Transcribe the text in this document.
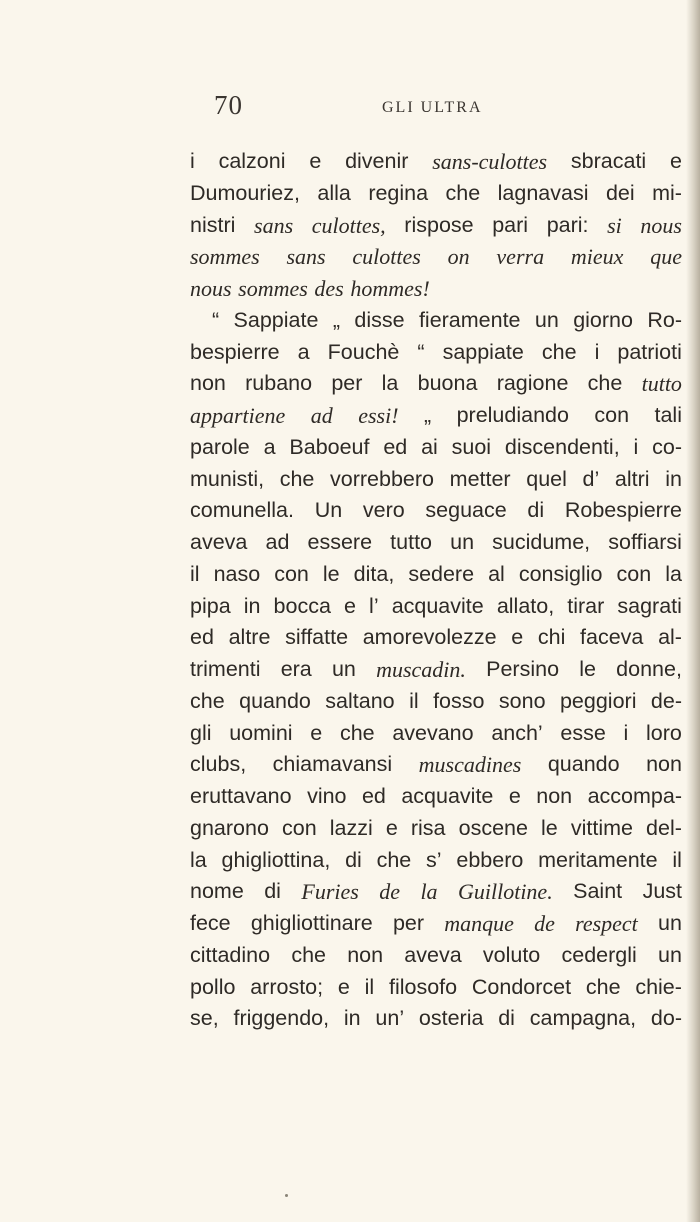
70	GLI ULTRA
i calzoni e divenir sans-culottes sbracati e
Dumouriez, alla regina che lagnavasi dei mi-
nistri sans culottes, rispose pari pari: si nous
sommes sans culottes on verra mieux que
nous sommes des hommes!
“ Sappiate „ disse fieramente un giorno Ro-
bespierre a Fouchè “ sappiate che i patrioti
non rubano per la buona ragione che tutto
appartiene ad essi! „ preludiando con tali
parole a Baboeuf ed ai suoi discendenti, i co-
munisti, che vorrebbero metter quel d’ altri in
comunella. Un vero seguace di Robespierre
aveva ad essere tutto un sucidume, soffiarsi
il naso con le dita, sedere al consiglio con la
pipa in bocca e l’ acquavite allato, tirar sagrati
ed altre siffatte amorevolezze e chi faceva al-
trimenti era un muscadin. Persino le donne,
che quando saltano il fosso sono peggiori de-
gli uomini e che avevano anch’ esse i loro
clubs, chiamavansi muscadines quando non
eruttavano vino ed acquavite e non accompa-
gnarono con lazzi e risa oscene le vittime del-
la ghigliottina, di che s’ ebbero meritamente il
nome di Furies de la Guillotine. Saint Just
fece ghigliottinare per manque de respect un
cittadino che non aveva voluto cedergli un
pollo arrosto; e il filosofo Condorcet che chie-
se, friggendo, in un’ osteria di campagna, do-
